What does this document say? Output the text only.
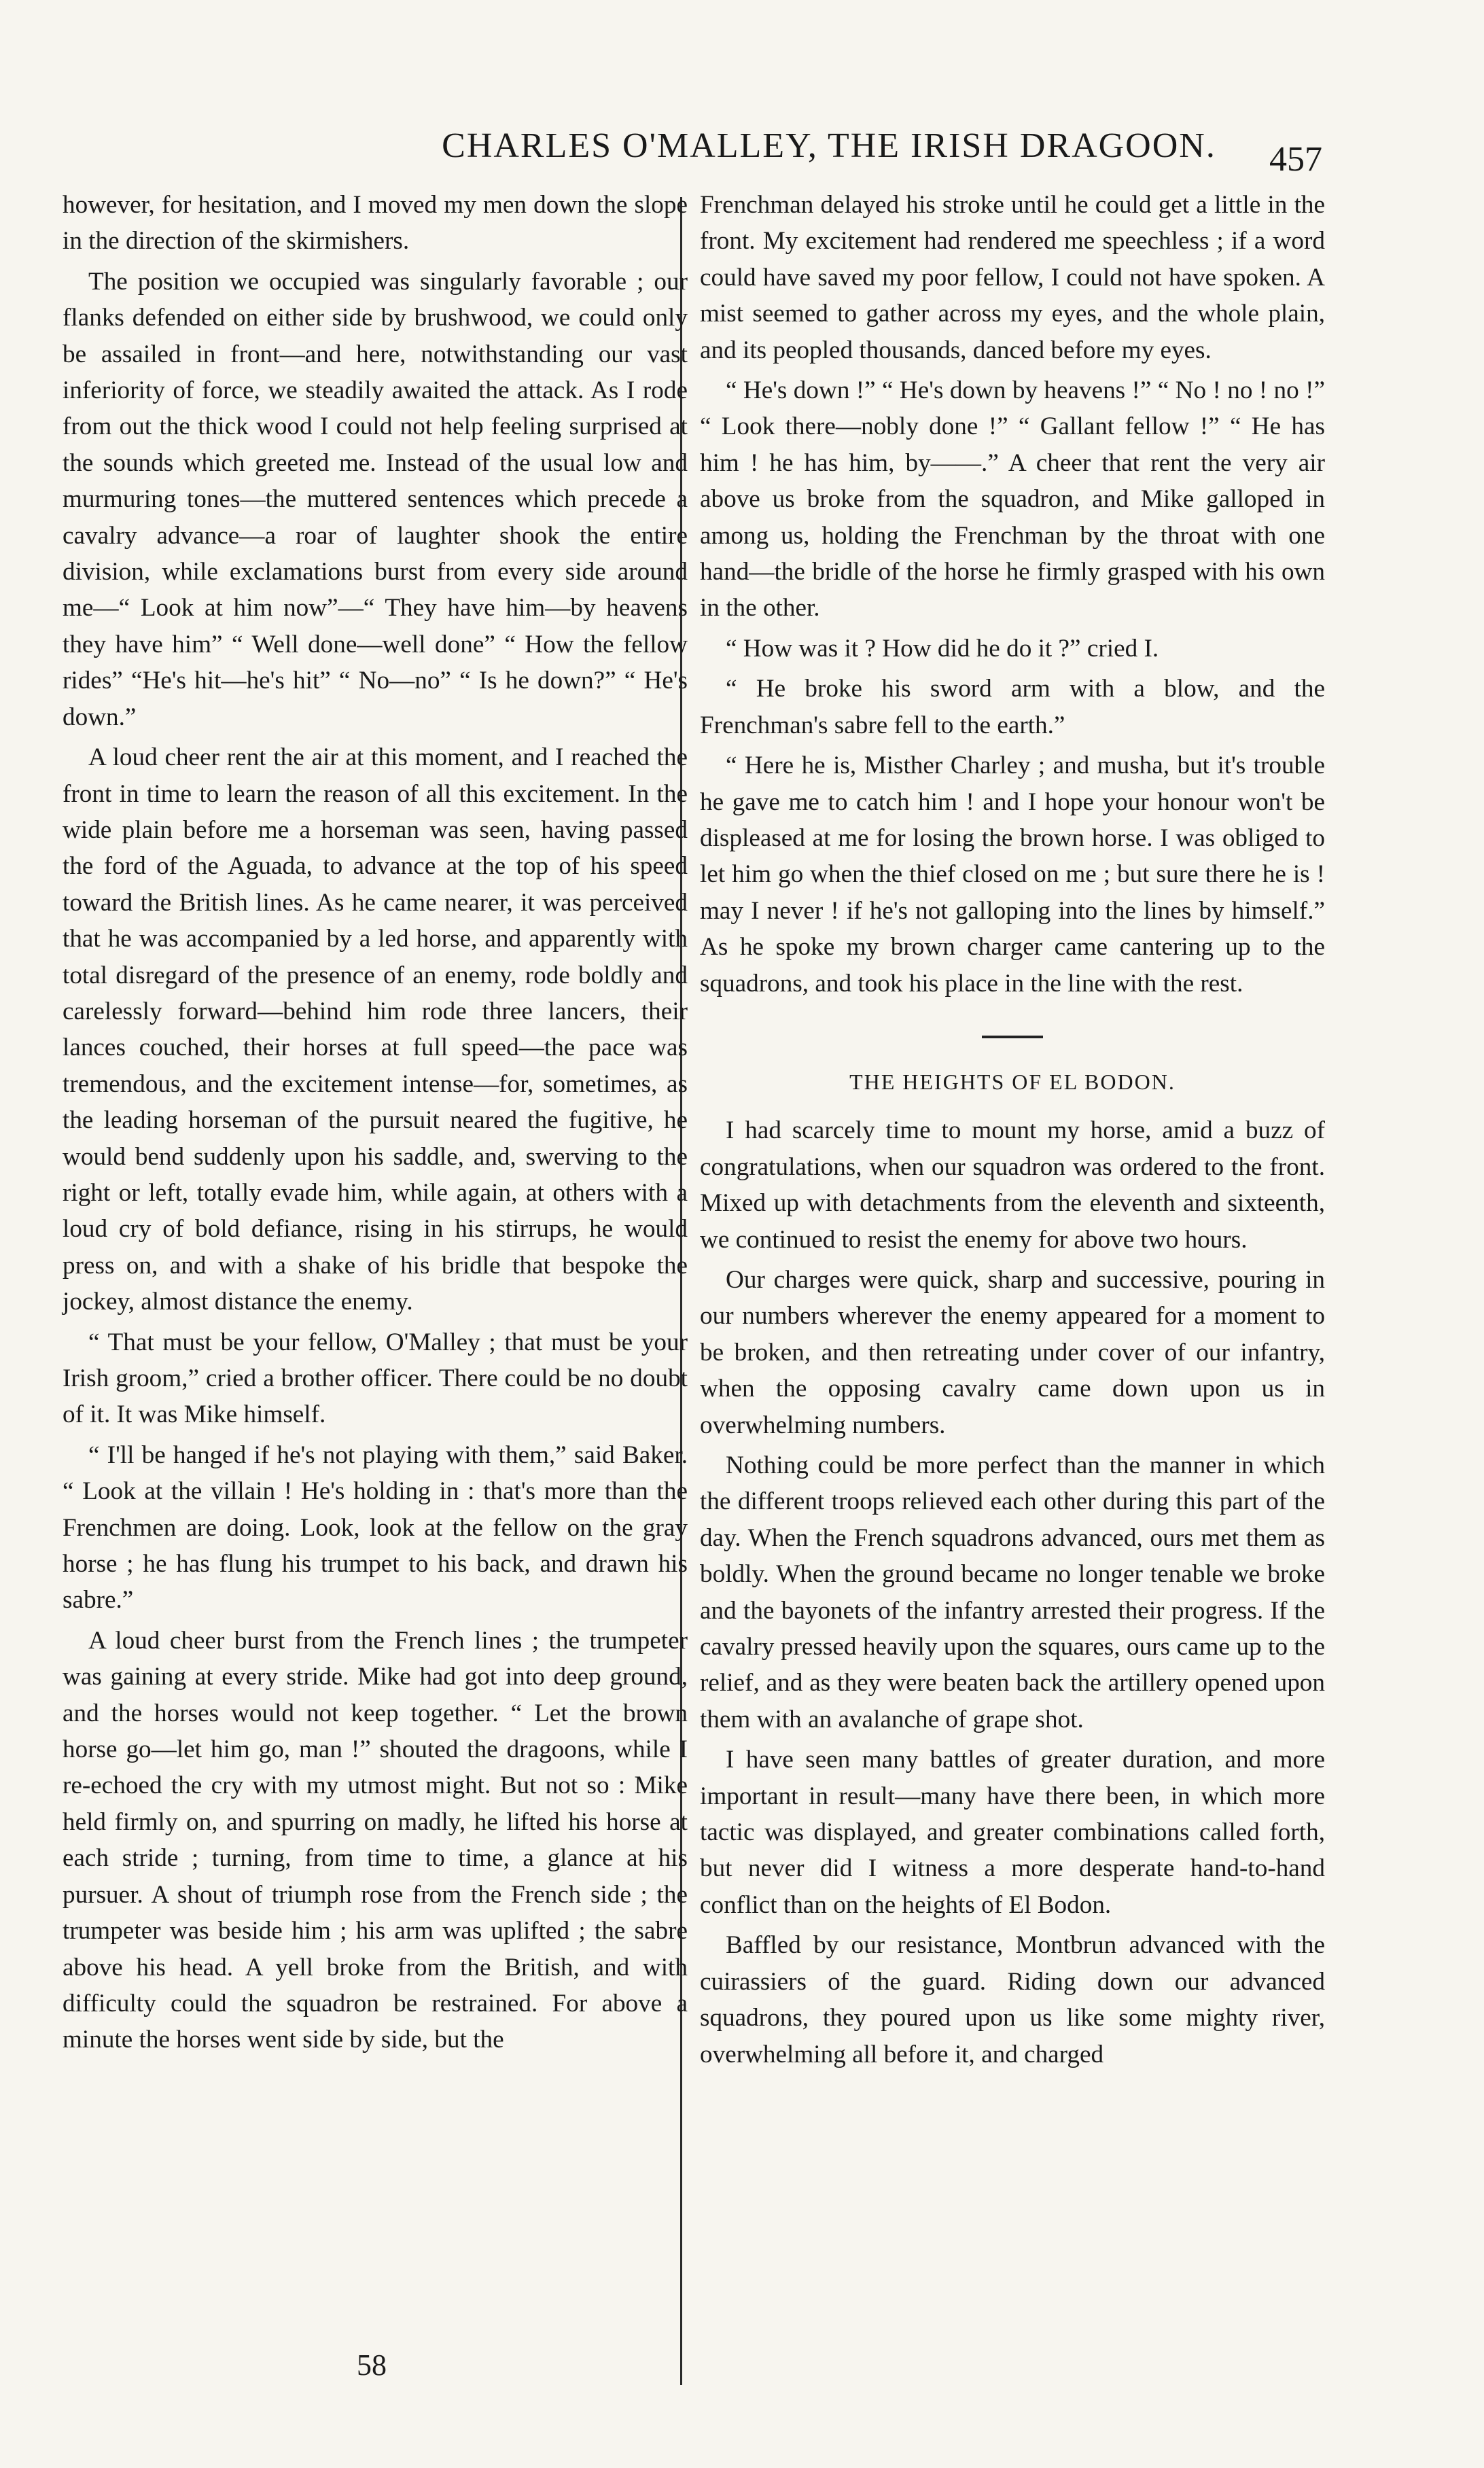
CHARLES O'MALLEY, THE IRISH DRAGOON.	457

however, for hesitation, and I moved my men down the slope in the direction of the skirmishers.

The position we occupied was singularly favorable ; our flanks defended on either side by brushwood, we could only be assailed in front—and here, notwithstanding our vast inferiority of force, we steadily awaited the attack. As I rode from out the thick wood I could not help feeling surprised at the sounds which greeted me. Instead of the usual low and murmuring tones—the muttered sentences which precede a cavalry advance—a roar of laughter shook the entire division, while exclamations burst from every side around me—“ Look at him now”—“ They have him—by heavens they have him” “ Well done—well done” “ How the fellow rides” “He's hit—he's hit” “ No—no” “ Is he down?” “ He's down.”

A loud cheer rent the air at this moment, and I reached the front in time to learn the reason of all this excitement. In the wide plain before me a horseman was seen, having passed the ford of the Aguada, to advance at the top of his speed toward the British lines. As he came nearer, it was perceived that he was accompanied by a led horse, and apparently with total disregard of the presence of an enemy, rode boldly and carelessly forward—behind him rode three lancers, their lances couched, their horses at full speed—the pace was tremendous, and the excitement intense—for, sometimes, as the leading horseman of the pursuit neared the fugitive, he would bend suddenly upon his saddle, and, swerving to the right or left, totally evade him, while again, at others with a loud cry of bold defiance, rising in his stirrups, he would press on, and with a shake of his bridle that bespoke the jockey, almost distance the enemy.

“ That must be your fellow, O'Malley ; that must be your Irish groom,” cried a brother officer. There could be no doubt of it. It was Mike himself.

“ I'll be hanged if he's not playing with them,” said Baker. “ Look at the villain ! He's holding in : that's more than the Frenchmen are doing. Look, look at the fellow on the gray horse ; he has flung his trumpet to his back, and drawn his sabre.”

A loud cheer burst from the French lines ; the trumpeter was gaining at every stride. Mike had got into deep ground, and the horses would not keep together. “ Let the brown horse go—let him go, man !” shouted the dragoons, while I re-echoed the cry with my utmost might. But not so : Mike held firmly on, and spurring on madly, he lifted his horse at each stride ; turning, from time to time, a glance at his pursuer. A shout of triumph rose from the French side ; the trumpeter was beside him ; his arm was uplifted ; the sabre above his head. A yell broke from the British, and with difficulty could the squadron be restrained. For above a minute the horses went side by side, but the

Frenchman delayed his stroke until he could get a little in the front. My excitement had rendered me speechless ; if a word could have saved my poor fellow, I could not have spoken. A mist seemed to gather across my eyes, and the whole plain, and its peopled thousands, danced before my eyes.

“ He's down !” “ He's down by heavens !” “ No ! no ! no !” “ Look there—nobly done !” “ Gallant fellow !” “ He has him ! he has him, by——.” A cheer that rent the very air above us broke from the squadron, and Mike galloped in among us, holding the Frenchman by the throat with one hand—the bridle of the horse he firmly grasped with his own in the other.

“ How was it ? How did he do it ?” cried I.

“ He broke his sword arm with a blow, and the Frenchman's sabre fell to the earth.”

“ Here he is, Misther Charley ; and musha, but it's trouble he gave me to catch him ! and I hope your honour won't be displeased at me for losing the brown horse. I was obliged to let him go when the thief closed on me ; but sure there he is ! may I never ! if he's not galloping into the lines by himself.” As he spoke my brown charger came cantering up to the squadrons, and took his place in the line with the rest.

THE HEIGHTS OF EL BODON.

I had scarcely time to mount my horse, amid a buzz of congratulations, when our squadron was ordered to the front. Mixed up with detachments from the eleventh and sixteenth, we continued to resist the enemy for above two hours.

Our charges were quick, sharp and successive, pouring in our numbers wherever the enemy appeared for a moment to be broken, and then retreating under cover of our infantry, when the opposing cavalry came down upon us in overwhelming numbers.

Nothing could be more perfect than the manner in which the different troops relieved each other during this part of the day. When the French squadrons advanced, ours met them as boldly. When the ground became no longer tenable we broke and the bayonets of the infantry arrested their progress. If the cavalry pressed heavily upon the squares, ours came up to the relief, and as they were beaten back the artillery opened upon them with an avalanche of grape shot.

I have seen many battles of greater duration, and more important in result—many have there been, in which more tactic was displayed, and greater combinations called forth, but never did I witness a more desperate hand-to-hand conflict than on the heights of El Bodon.

Baffled by our resistance, Montbrun advanced with the cuirassiers of the guard. Riding down our advanced squadrons, they poured upon us like some mighty river, overwhelming all before it, and charged

58
